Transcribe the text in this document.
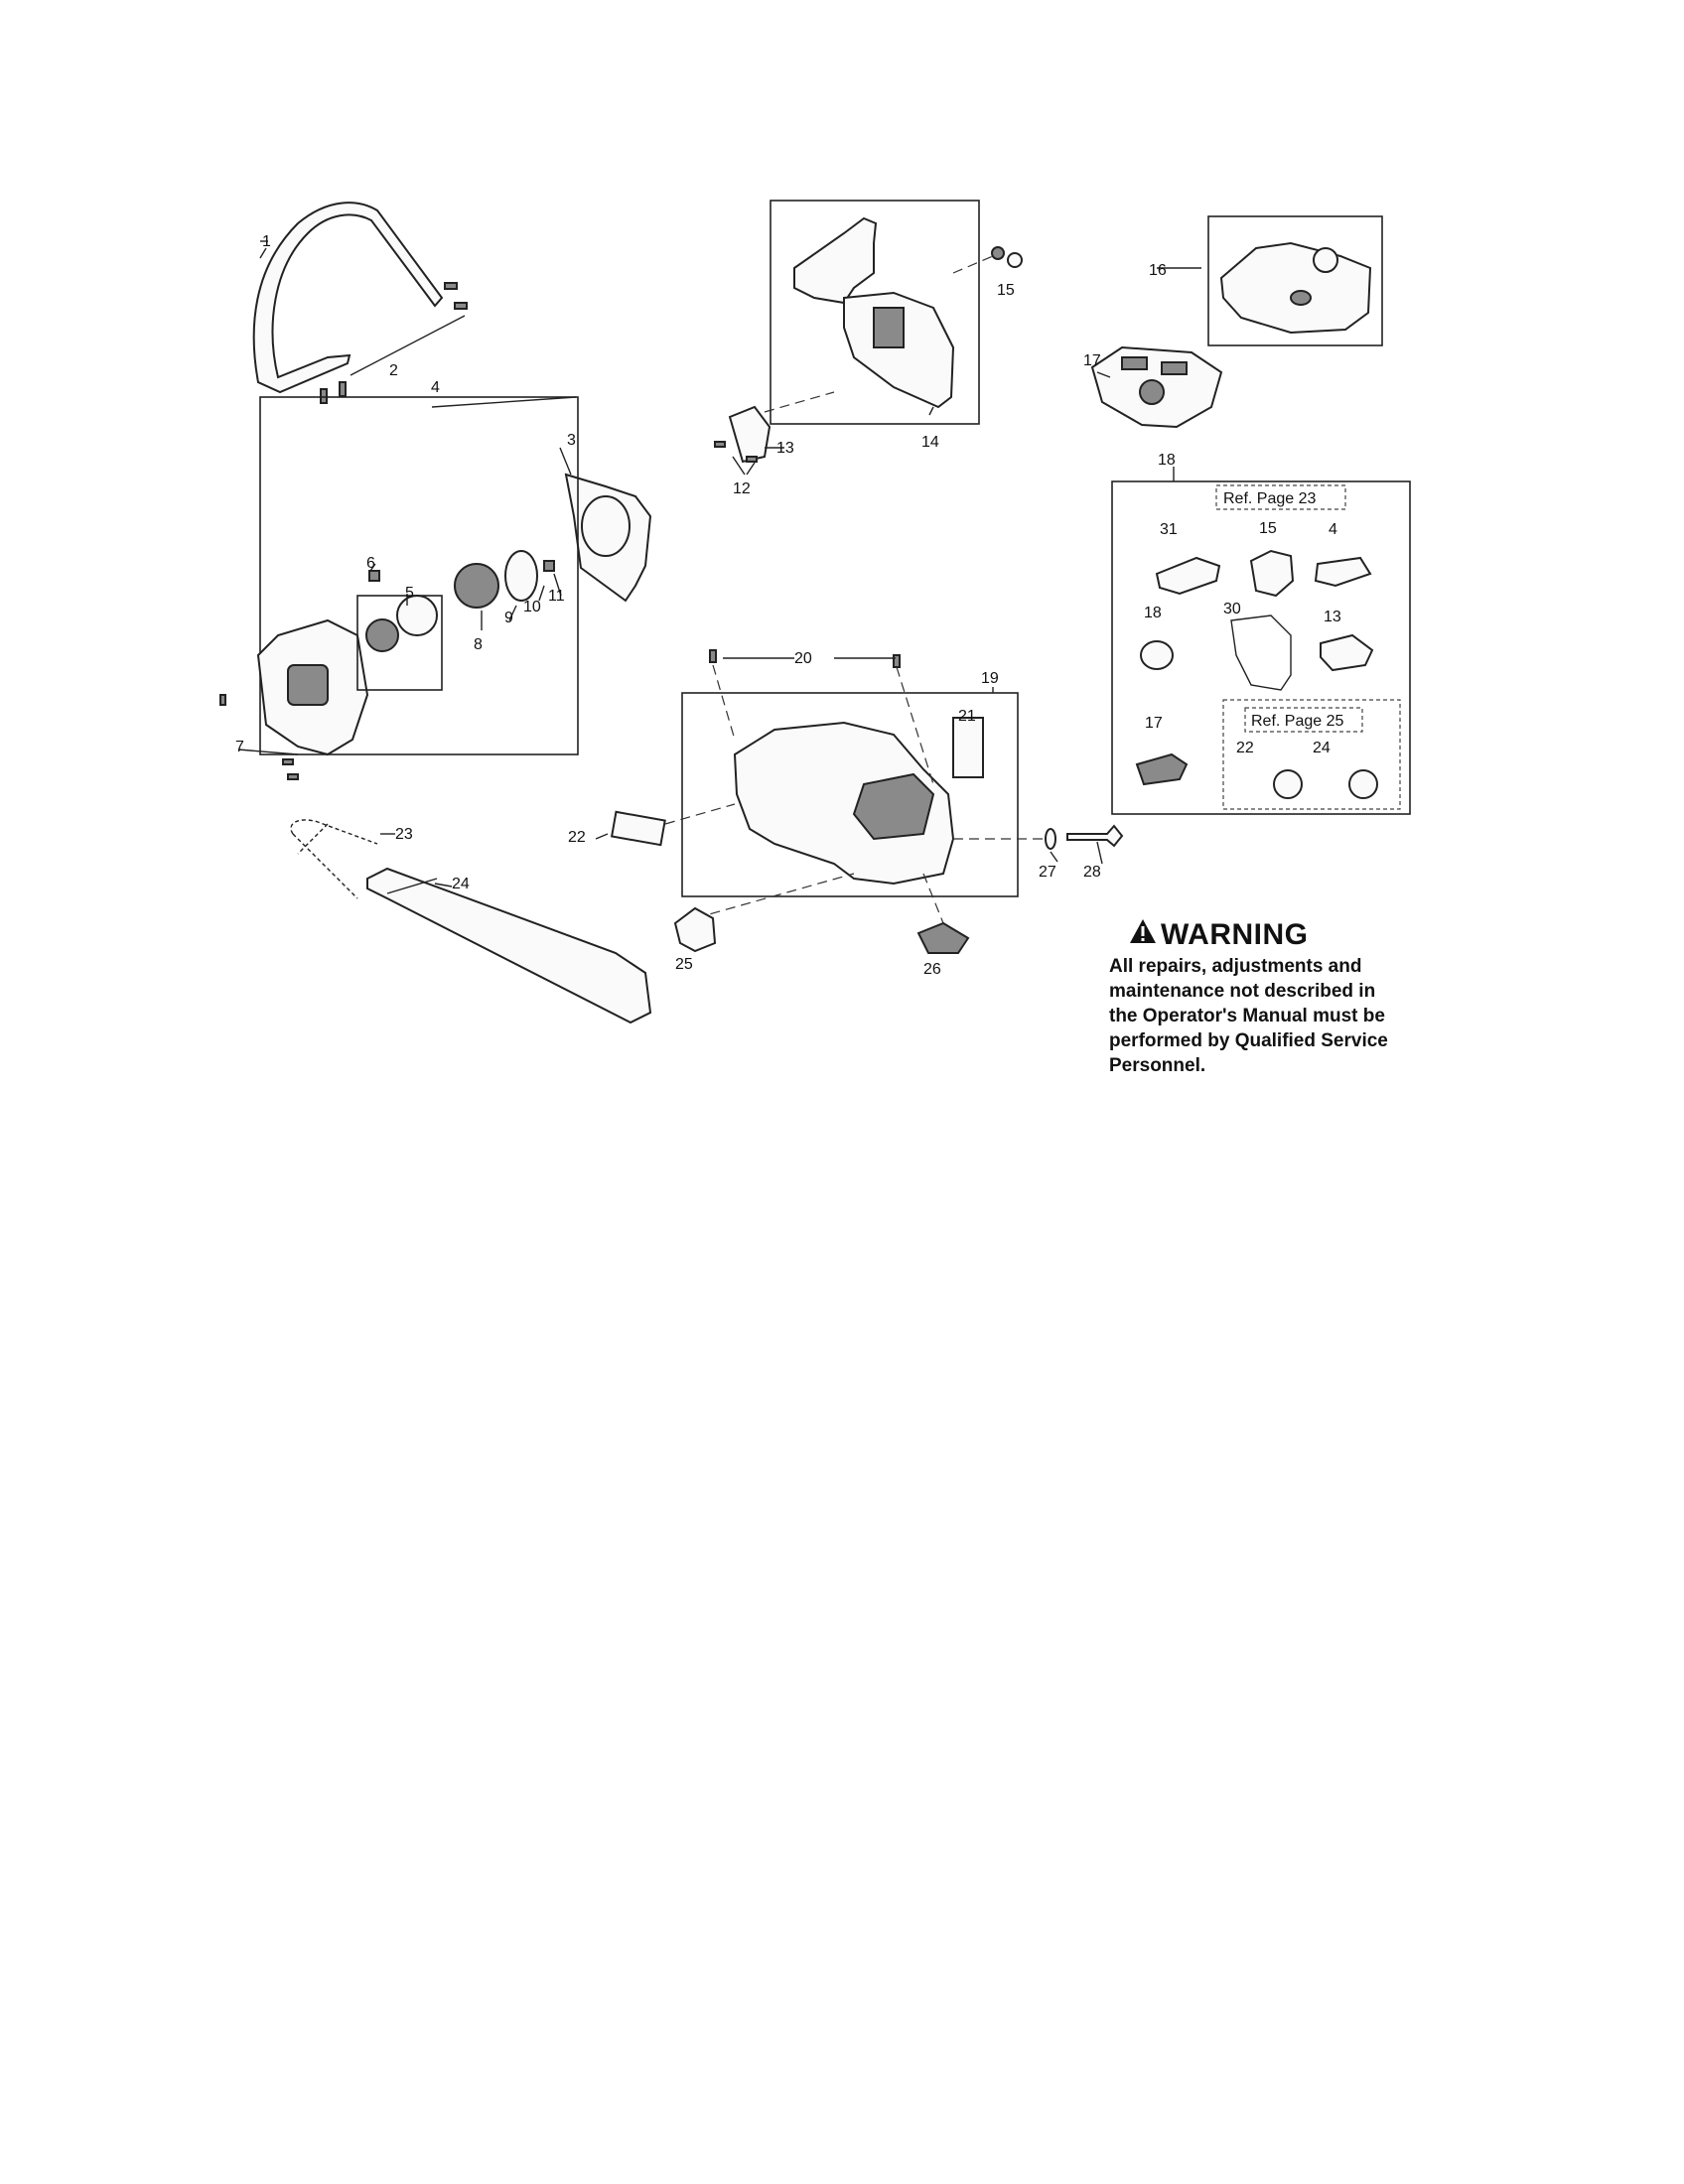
1
2
3
4
5
6
7
8
9
10
11
12
13	14
15
16
17
18
19
20
21
22
23
24
25	26
27 28
Ref. Page 23
Ref. Page 25
31	15	4
18	30	13
17
22	24
WARNING
All repairs, adjustments and
maintenance not described in
the Operator's Manual must be
performed by Qualified Service
Personnel.
